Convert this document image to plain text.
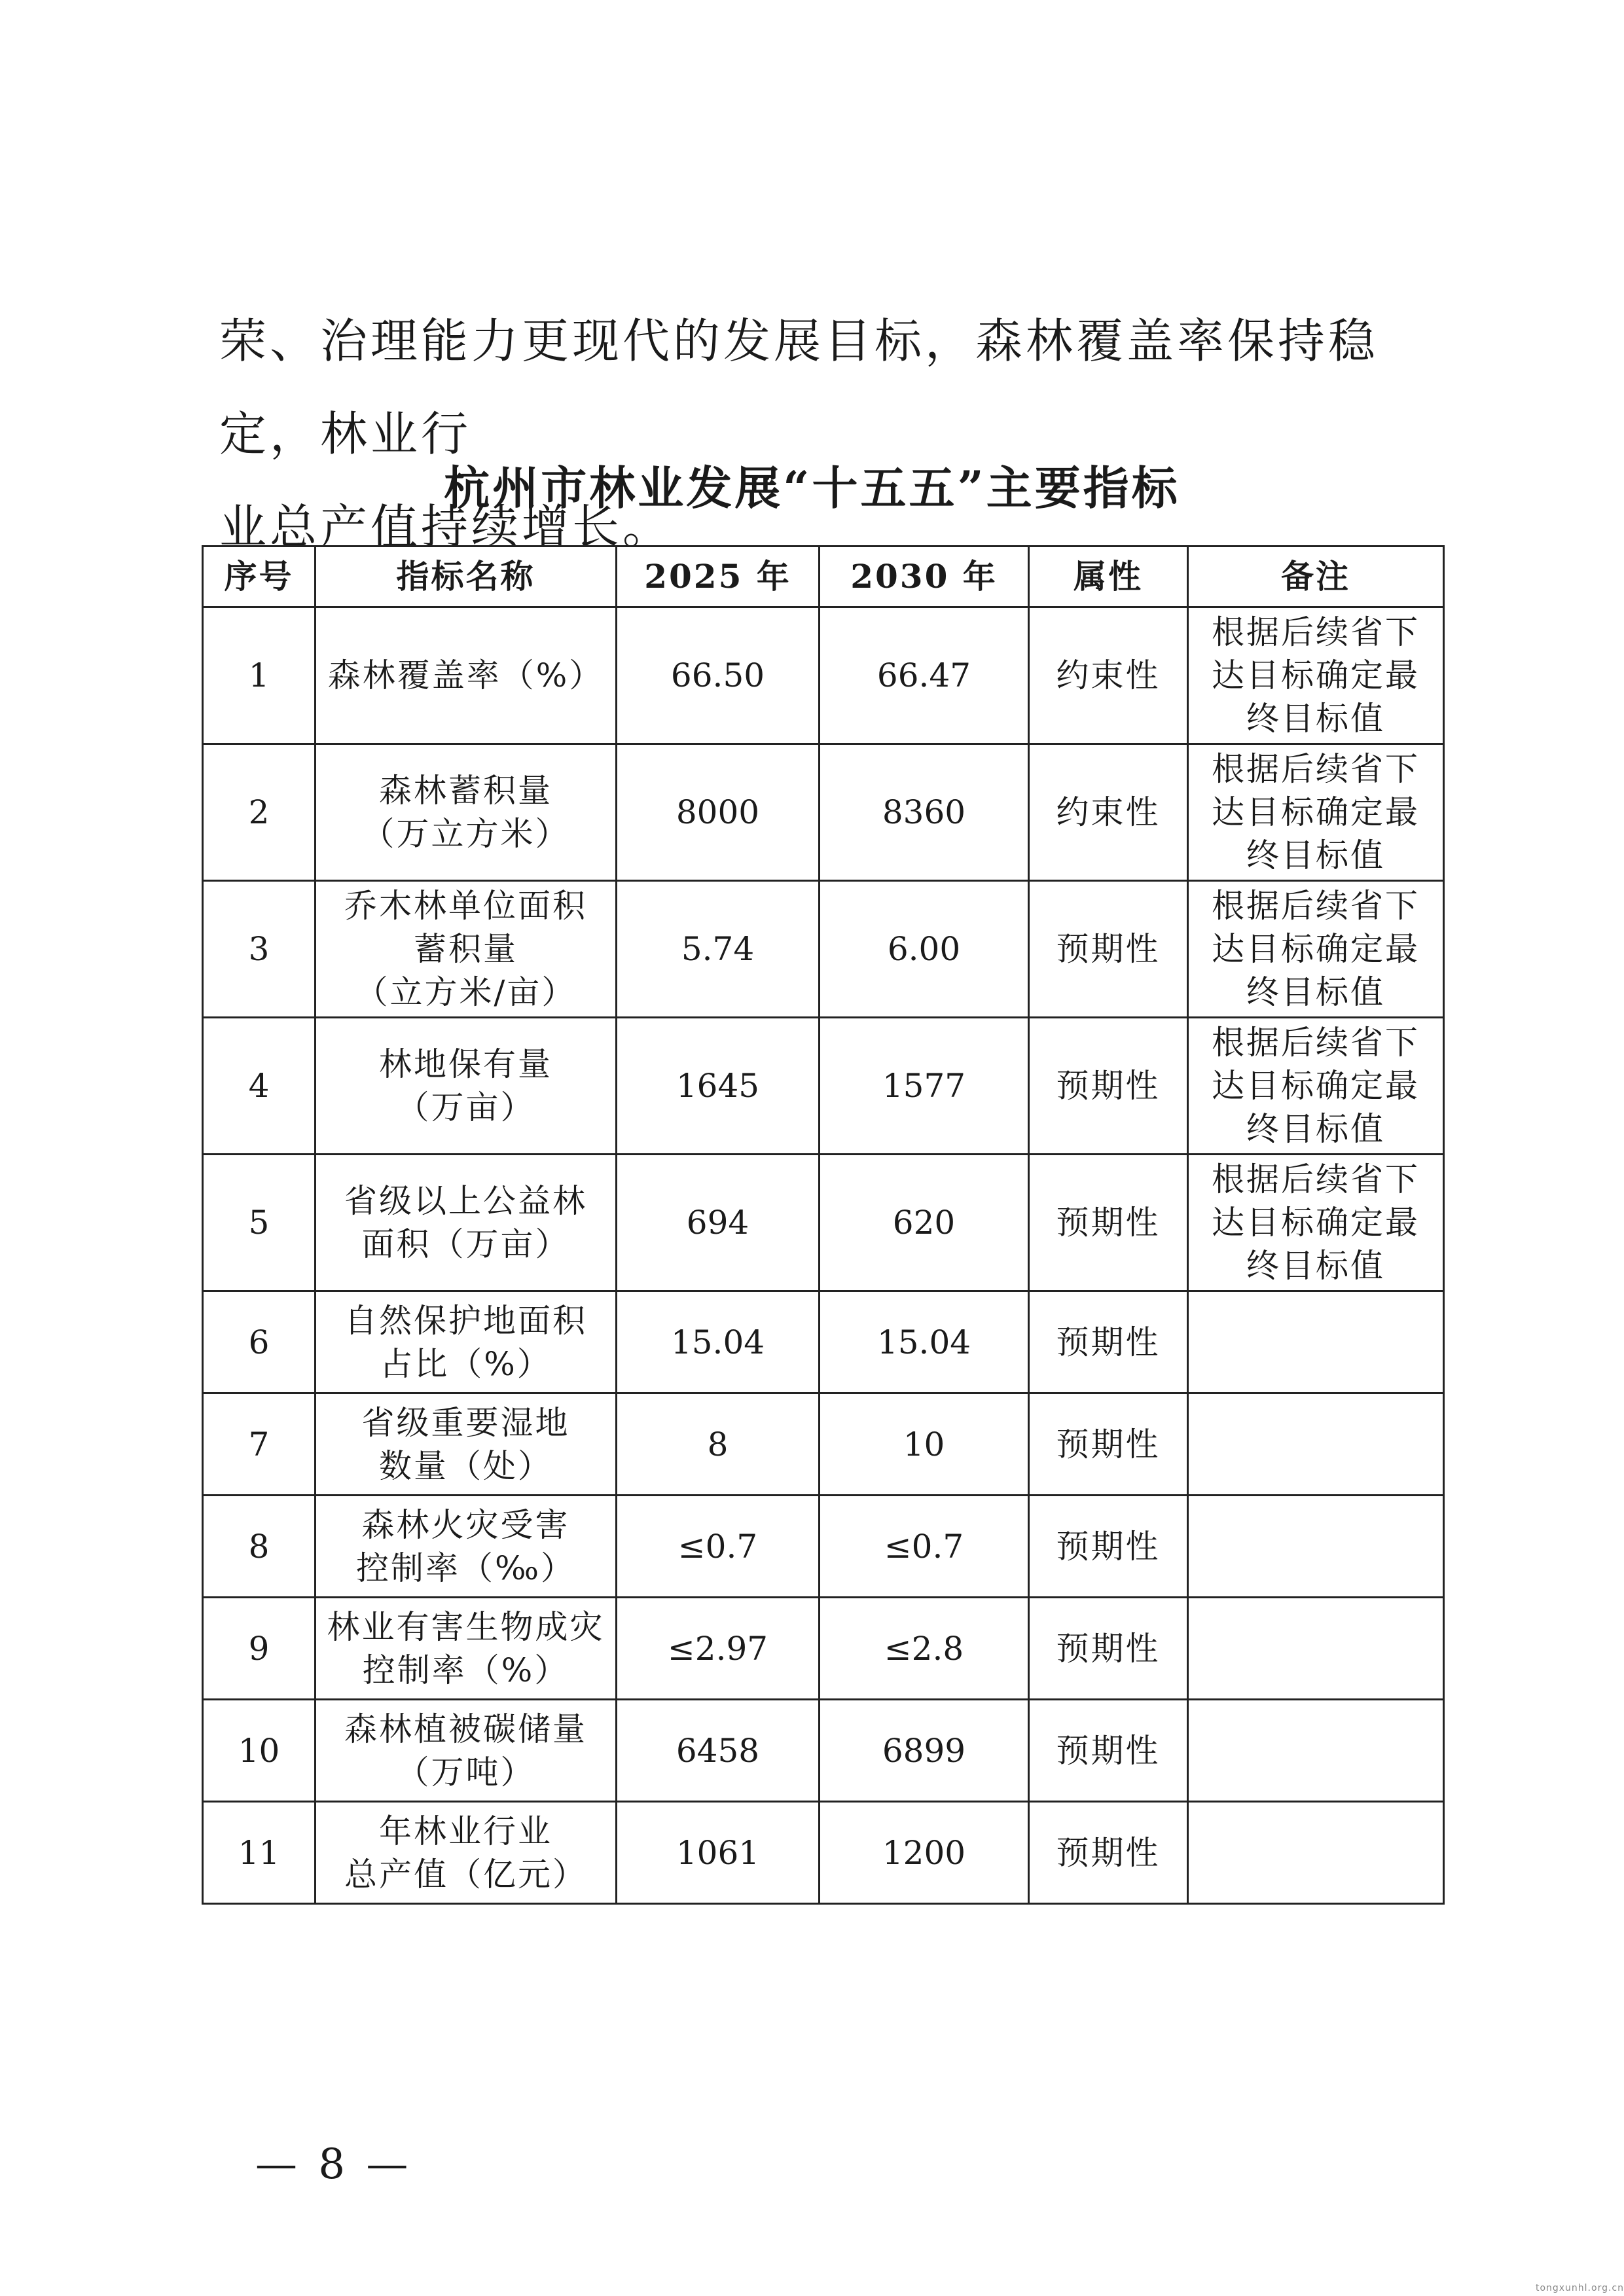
荣、治理能力更现代的发展目标，森林覆盖率保持稳定，林业行
业总产值持续增长。

杭州市林业发展“十五五”主要指标
序号	指标名称	2025 年	2030 年	属性	备注
1	森林覆盖率（%）	66.50	66.47	约束性	根据后续省下
达目标确定最
终目标值
2	森林蓄积量
（万立方米）	8000	8360	约束性	根据后续省下
达目标确定最
终目标值
3	乔木林单位面积
蓄积量
（立方米/亩）	5.74	6.00	预期性	根据后续省下
达目标确定最
终目标值
4	林地保有量
（万亩）	1645	1577	预期性	根据后续省下
达目标确定最
终目标值
5	省级以上公益林
面积（万亩）	694	620	预期性	根据后续省下
达目标确定最
终目标值
6	自然保护地面积
占比（%）	15.04	15.04	预期性	
7	省级重要湿地
数量（处）	8	10	预期性	
8	森林火灾受害
控制率（‰）	≤0.7	≤0.7	预期性	
9	林业有害生物成灾
控制率（%）	≤2.97	≤2.8	预期性	
10	森林植被碳储量
（万吨）	6458	6899	预期性	
11	年林业行业
总产值（亿元）	1061	1200	预期性	

— 8 —

tongxunhl.org.cn
